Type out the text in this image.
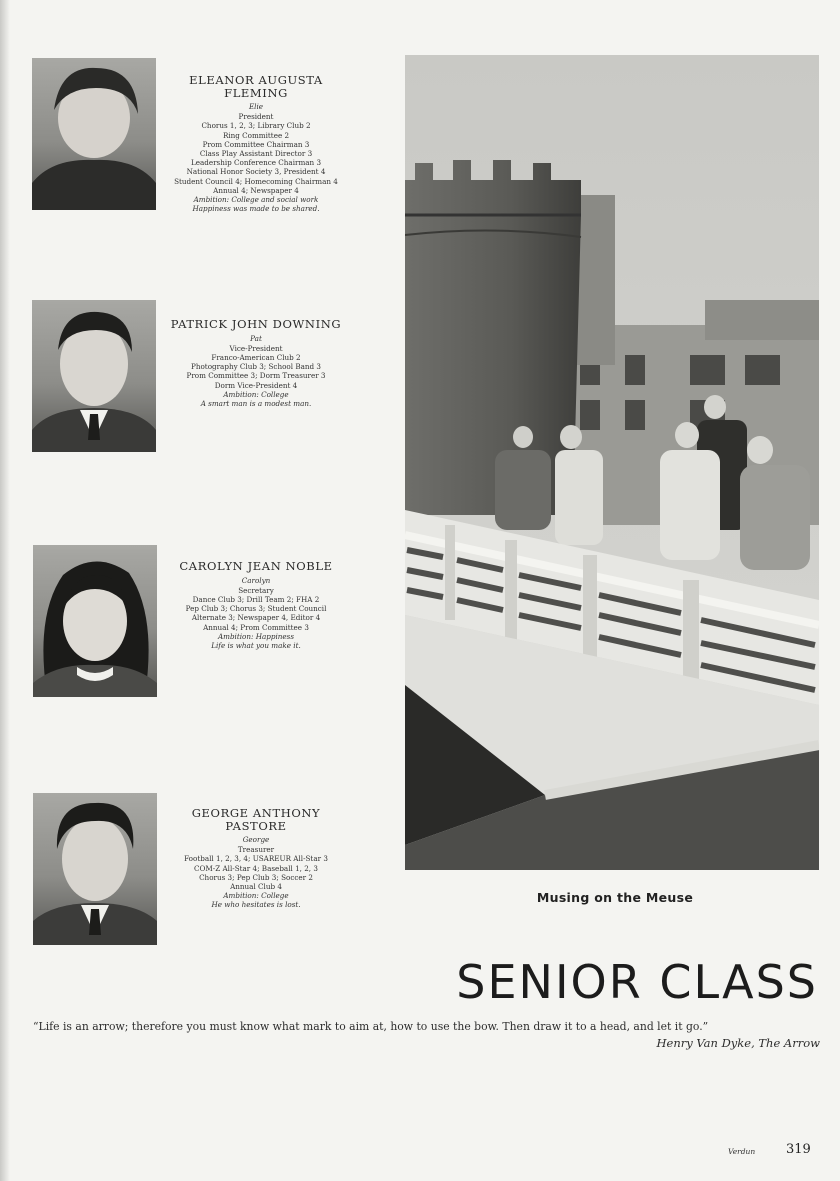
ELEANOR AUGUSTA
FLEMING
Elie
President
Chorus 1, 2, 3; Library Club 2
Ring Committee 2
Prom Committee Chairman 3
Class Play Assistant Director 3
Leadership Conference Chairman 3
National Honor Society 3, President 4
Student Council 4; Homecoming Chairman 4
Annual 4; Newspaper 4
Ambition: College and social work
Happiness was made to be shared.
PATRICK JOHN DOWNING
Pat
Vice-President
Franco-American Club 2
Photography Club 3; School Band 3
Prom Committee 3; Dorm Treasurer 3
Dorm Vice-President 4
Ambition: College
A smart man is a modest man.
CAROLYN JEAN NOBLE
Carolyn
Secretary
Dance Club 3; Drill Team 2; FHA 2
Pep Club 3; Chorus 3; Student Council
Alternate 3; Newspaper 4, Editor 4
Annual 4; Prom Committee 3
Ambition: Happiness
Life is what you make it.
GEORGE ANTHONY
PASTORE
George
Treasurer
Football 1, 2, 3, 4; USAREUR All-Star 3
COM-Z All-Star 4; Baseball 1, 2, 3
Chorus 3; Pep Club 3; Soccer 2
Annual Club 4
Ambition: College
He who hesitates is lost.	Musing on the Meuse
SENIOR CLASS
“Life is an arrow; therefore you must know what mark to aim at, how to use the bow. Then draw it to a head, and let it go.”
Henry Van Dyke, The Arrow
Verdun 319
